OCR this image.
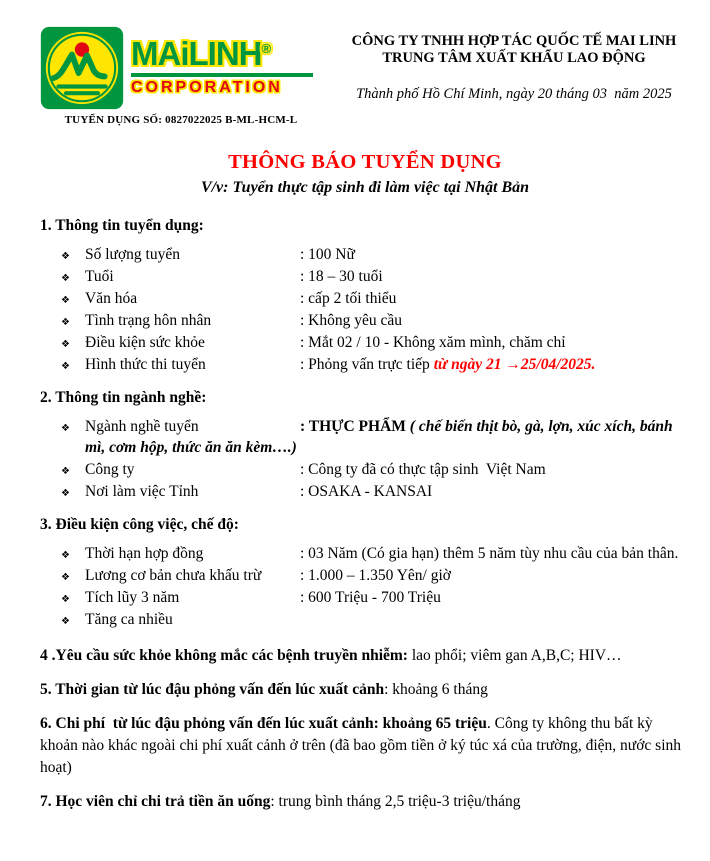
MAiLINH®
CORPORATION
TUYỂN DỤNG SỐ: 0827022025 B-ML-HCM-L
CÔNG TY TNHH HỢP TÁC QUỐC TẾ MAI LINH
TRUNG TÂM XUẤT KHẨU LAO ĐỘNG
Thành phố Hồ Chí Minh, ngày 20 tháng 03  năm 2025
THÔNG BÁO TUYỂN DỤNG
V/v: Tuyển thực tập sinh đi làm việc tại Nhật Bản
1. Thông tin tuyển dụng:
❖ Số lượng tuyển	: 100 Nữ
❖ Tuổi	: 18 – 30 tuổi
❖ Văn hóa	: cấp 2 tối thiểu
❖ Tình trạng hôn nhân	: Không yêu cầu
❖ Điều kiện sức khỏe	: Mắt 02 / 10 - Không xăm mình, chăm chỉ
❖ Hình thức thi tuyển	: Phỏng vấn trực tiếp từ ngày 21 →25/04/2025.
2. Thông tin ngành nghề:
❖ Ngành nghề tuyển	: THỰC PHẨM ( chế biến thịt bò, gà, lợn, xúc xích, bánh mì, cơm hộp, thức ăn ăn kèm….)
❖ Công ty	: Công ty đã có thực tập sinh  Việt Nam
❖ Nơi làm việc Tỉnh	: OSAKA - KANSAI
3. Điều kiện công việc, chế độ:
❖ Thời hạn hợp đồng	: 03 Năm (Có gia hạn) thêm 5 năm tùy nhu cầu của bản thân.
❖ Lương cơ bản chưa khấu trừ : 1.000 – 1.350 Yên/ giờ
❖ Tích lũy 3 năm	: 600 Triệu - 700 Triệu
❖ Tăng ca nhiều

4 .Yêu cầu sức khỏe không mắc các bệnh truyền nhiễm: lao phổi; viêm gan A,B,C; HIV…

5. Thời gian từ lúc đậu phỏng vấn đến lúc xuất cảnh: khoảng 6 tháng

6. Chi phí  từ lúc đậu phỏng vấn đến lúc xuất cảnh: khoảng 65 triệu. Công ty không thu bất kỳ khoản nào khác ngoài chi phí xuất cảnh ở trên (đã bao gồm tiền ở ký túc xá của trường, điện, nước sinh hoạt)

7. Học viên chỉ chi trả tiền ăn uống: trung bình tháng 2,5 triệu-3 triệu/tháng
